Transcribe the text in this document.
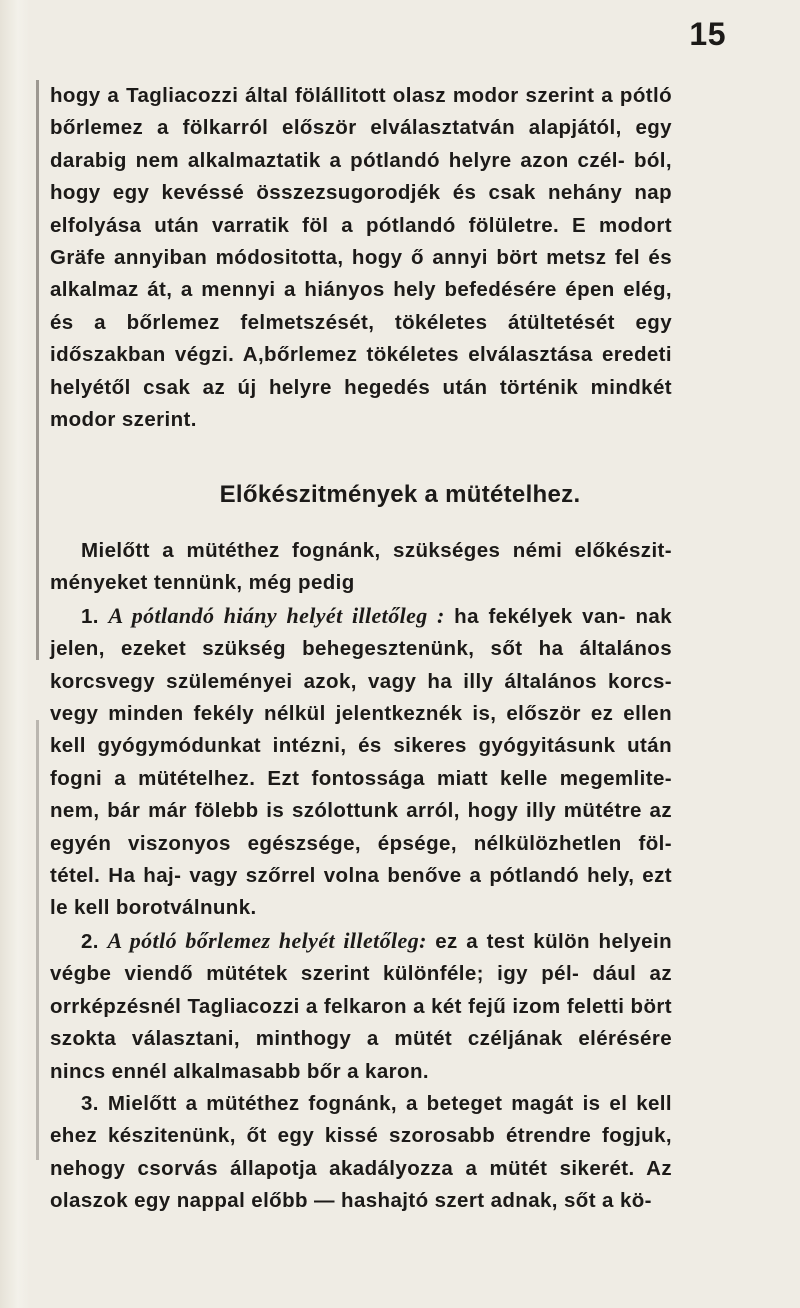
15

hogy a Tagliacozzi által fölállitott olasz modor szerint a pótló bőrlemez a fölkarról először elválasztatván alapjától, egy darabig nem alkalmaztatik a pótlandó helyre azon czél- ból, hogy egy kevéssé összezsugorodjék és csak nehány nap elfolyása után varratik föl a pótlandó fölületre. E modort Gräfe annyiban módositotta, hogy ő annyi bört metsz fel és alkalmaz át, a mennyi a hiányos hely befedésére épen elég, és a bőrlemez felmetszését, tökéletes átültetését egy időszakban végzi. A,bőrlemez tökéletes elválasztása eredeti helyétől csak az új helyre hegedés után történik mindkét modor szerint.

Előkészitmények a mütételhez.

Mielőtt a mütéthez fognánk, szükséges némi előkészit- ményeket tennünk, még pedig

1. A pótlandó hiány helyét illetőleg : ha fekélyek van- nak jelen, ezeket szükség behegesztenünk, sőt ha általános korcsvegy szüleményei azok, vagy ha illy általános korcs- vegy minden fekély nélkül jelentkeznék is, először ez ellen kell gyógymódunkat intézni, és sikeres gyógyitásunk után fogni a mütételhez. Ezt fontossága miatt kelle megemlite- nem, bár már fölebb is szólottunk arról, hogy illy mütétre az egyén viszonyos egészsége, épsége, nélkülözhetlen föl- tétel. Ha haj- vagy szőrrel volna benőve a pótlandó hely, ezt le kell borotválnunk.

2. A pótló bőrlemez helyét illetőleg: ez a test külön helyein végbe viendő mütétek szerint különféle; igy pél- dául az orrképzésnél Tagliacozzi a felkaron a két fejű izom feletti bört szokta választani, minthogy a mütét czéljának elérésére nincs ennél alkalmasabb bőr a karon.

3. Mielőtt a mütéthez fognánk, a beteget magát is el kell ehez készitenünk, őt egy kissé szorosabb étrendre fogjuk, nehogy csorvás állapotja akadályozza a mütét sikerét. Az olaszok egy nappal előbb — hashajtó szert adnak, sőt a kö-
